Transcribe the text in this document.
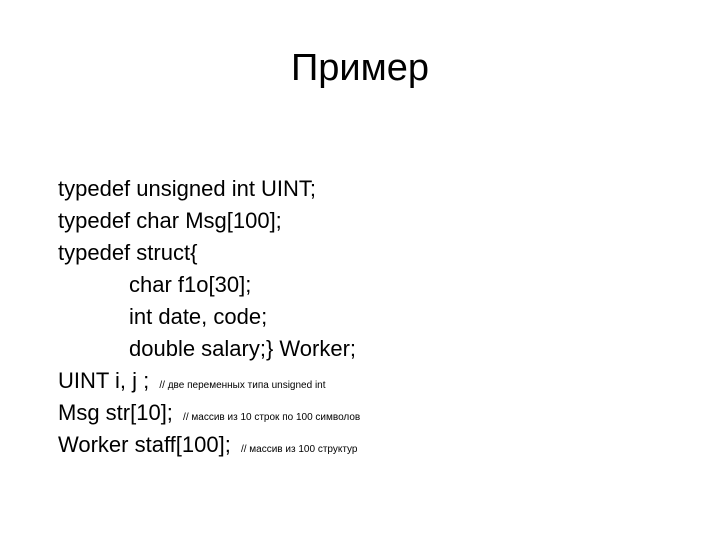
Пример
typedef unsigned int UINT;
typedef char Msg[100];
typedef struct{
char f1o[30];
int date, code;
double salary;} Worker;
UINT i, j ; // две переменных типа unsigned int
Msg str[10]; // массив из 10 строк по 100 символов
Worker staff[100]; // массив из 100 структур
